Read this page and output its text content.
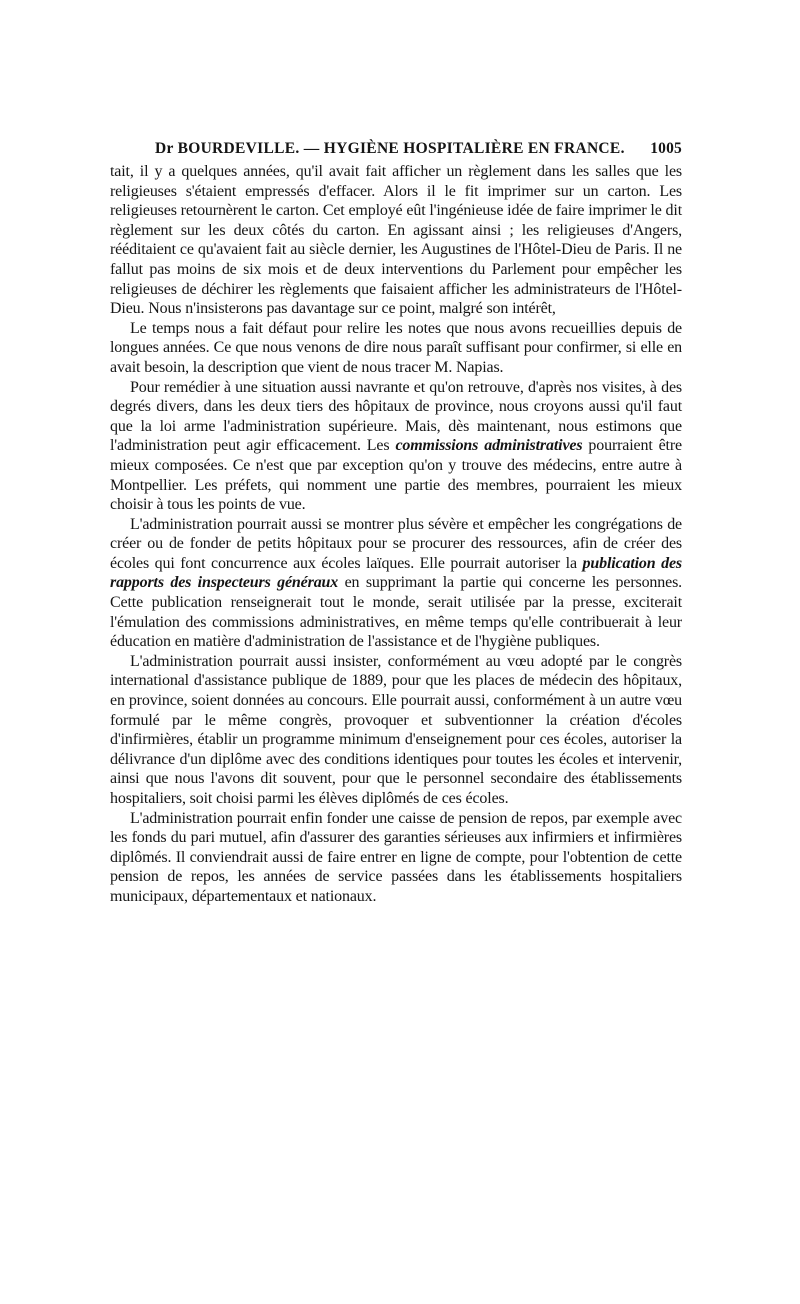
Dr BOURDEVILLE. — HYGIÈNE HOSPITALIÈRE EN FRANCE. 1005

tait, il y a quelques années, qu'il avait fait afficher un règlement dans les salles que les religieuses s'étaient empressés d'effacer. Alors il le fit imprimer sur un carton. Les religieuses retournèrent le carton. Cet employé eût l'ingénieuse idée de faire imprimer le dit règlement sur les deux côtés du carton. En agissant ainsi ; les religieuses d'Angers, rééditaient ce qu'avaient fait au siècle dernier, les Augustines de l'Hôtel-Dieu de Paris. Il ne fallut pas moins de six mois et de deux interventions du Parlement pour empêcher les religieuses de déchirer les règlements que faisaient afficher les administrateurs de l'Hôtel-Dieu. Nous n'insisterons pas davantage sur ce point, malgré son intérêt,

Le temps nous a fait défaut pour relire les notes que nous avons recueillies depuis de longues années. Ce que nous venons de dire nous paraît suffisant pour confirmer, si elle en avait besoin, la description que vient de nous tracer M. Napias.

Pour remédier à une situation aussi navrante et qu'on retrouve, d'après nos visites, à des degrés divers, dans les deux tiers des hôpitaux de province, nous croyons aussi qu'il faut que la loi arme l'administration supérieure. Mais, dès maintenant, nous estimons que l'administration peut agir efficacement. Les commissions administratives pourraient être mieux composées. Ce n'est que par exception qu'on y trouve des médecins, entre autre à Montpellier. Les préfets, qui nomment une partie des membres, pourraient les mieux choisir à tous les points de vue.

L'administration pourrait aussi se montrer plus sévère et empêcher les congrégations de créer ou de fonder de petits hôpitaux pour se procurer des ressources, afin de créer des écoles qui font concurrence aux écoles laïques. Elle pourrait autoriser la publication des rapports des inspecteurs généraux en supprimant la partie qui concerne les personnes. Cette publication renseignerait tout le monde, serait utilisée par la presse, exciterait l'émulation des commissions administratives, en même temps qu'elle contribuerait à leur éducation en matière d'administration de l'assistance et de l'hygiène publiques.

L'administration pourrait aussi insister, conformément au vœu adopté par le congrès international d'assistance publique de 1889, pour que les places de médecin des hôpitaux, en province, soient données au concours. Elle pourrait aussi, conformément à un autre vœu formulé par le même congrès, provoquer et subventionner la création d'écoles d'infirmières, établir un programme minimum d'enseignement pour ces écoles, autoriser la délivrance d'un diplôme avec des conditions identiques pour toutes les écoles et intervenir, ainsi que nous l'avons dit souvent, pour que le personnel secondaire des établissements hospitaliers, soit choisi parmi les élèves diplômés de ces écoles.

L'administration pourrait enfin fonder une caisse de pension de repos, par exemple avec les fonds du pari mutuel, afin d'assurer des garanties sérieuses aux infirmiers et infirmières diplômés. Il conviendrait aussi de faire entrer en ligne de compte, pour l'obtention de cette pension de repos, les années de service passées dans les établissements hospitaliers municipaux, départementaux et nationaux.
